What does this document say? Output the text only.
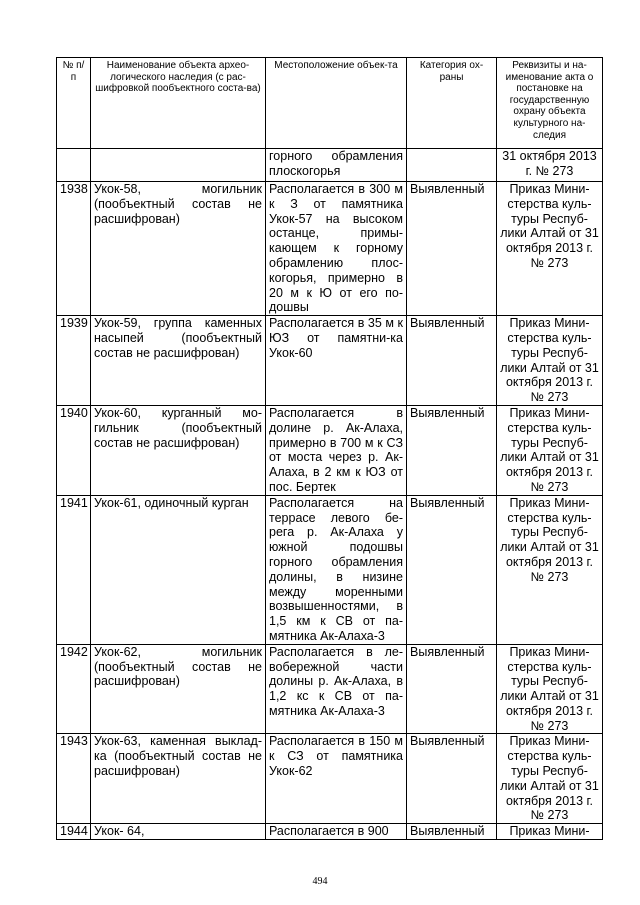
№ п/п	Наименование объекта архео-логического наследия (с рас-шифровкой пообъектного соста-ва)	Местоположение объек-та	Категория ох-раны	Реквизиты и на-именование акта о постановке на государственную охрану объекта культурного на-следия
		горного обрамления плоскогорья		31 октября 2013 г. № 273
1938	Укок-58, могильник (пообъектный состав не расшифрован)	Располагается в 300 м к З от памятника Укок-57 на высоком останце, примы-кающем к горному обрамлению плос-когорья, примерно в 20 м к Ю от его по-дошвы	Выявленный	Приказ Мини-стерства куль-туры Респуб-лики Алтай от 31 октября 2013 г. № 273
1939	Укок-59, группа каменных насыпей (пообъектный состав не расшифрован)	Располагается в 35 м к ЮЗ от памятни-ка Укок-60	Выявленный	Приказ Мини-стерства куль-туры Респуб-лики Алтай от 31 октября 2013 г. № 273
1940	Укок-60, курганный мо-гильник (пообъектный состав не расшифрован)	Располагается в долине р. Ак-Алаха, примерно в 700 м к СЗ от моста через р. Ак-Алаха, в 2 км к ЮЗ от пос. Бертек	Выявленный	Приказ Мини-стерства куль-туры Респуб-лики Алтай от 31 октября 2013 г. № 273
1941	Укок-61, одиночный курган	Располагается на террасе левого бе-рега р. Ак-Алаха у южной подошвы горного обрамления долины, в низине между моренными возвышенностями, в 1,5 км к СВ от па-мятника Ак-Алаха-3	Выявленный	Приказ Мини-стерства куль-туры Респуб-лики Алтай от 31 октября 2013 г. № 273
1942	Укок-62, могильник (пообъектный состав не расшифрован)	Располагается в ле-вобережной части долины р. Ак-Алаха, в 1,2 кс к СВ от па-мятника Ак-Алаха-3	Выявленный	Приказ Мини-стерства куль-туры Респуб-лики Алтай от 31 октября 2013 г. № 273
1943	Укок-63, каменная выклад-ка (пообъектный состав не расшифрован)	Располагается в 150 м к СЗ от памятника Укок-62	Выявленный	Приказ Мини-стерства куль-туры Респуб-лики Алтай от 31 октября 2013 г. № 273
1944	Укок- 64,	Располагается в 900	Выявленный	Приказ Мини-
494
